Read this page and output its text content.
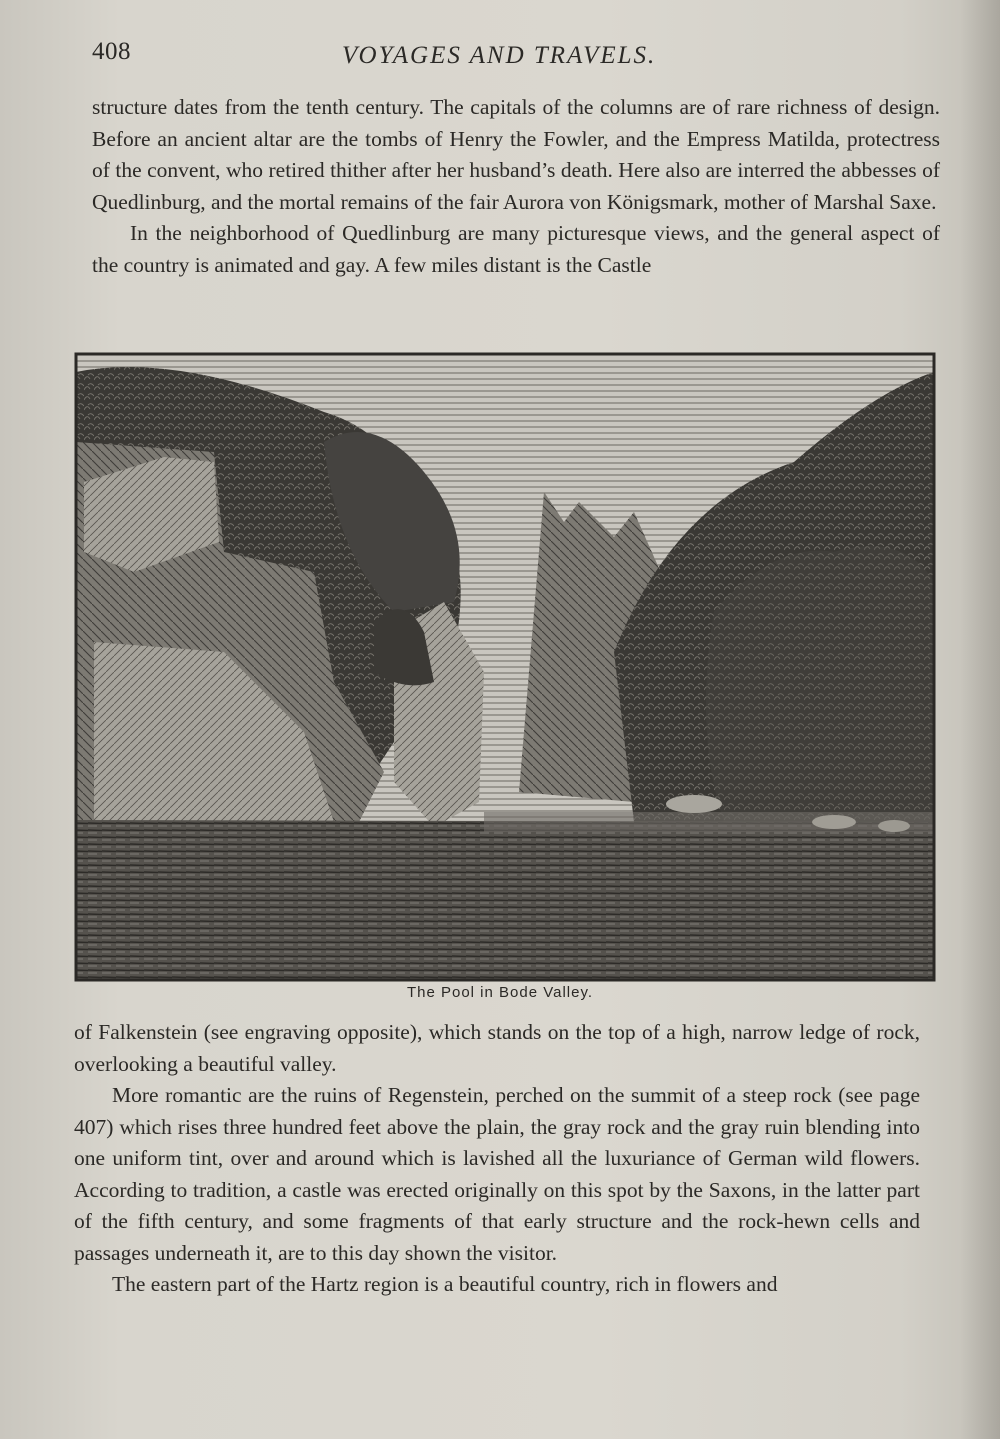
408	VOYAGES AND TRAVELS.

structure dates from the tenth century. The capitals of the columns are of rare richness of design. Before an ancient altar are the tombs of Henry the Fowler, and the Empress Matilda, protectress of the convent, who retired thither after her husband’s death. Here also are interred the abbesses of Quedlinburg, and the mortal remains of the fair Aurora von Königsmark, mother of Marshal Saxe.

In the neighborhood of Quedlinburg are many picturesque views, and the general aspect of the country is animated and gay. A few miles distant is the Castle

The Pool in Bode Valley.

of Falkenstein (see engraving opposite), which stands on the top of a high, narrow ledge of rock, overlooking a beautiful valley.

More romantic are the ruins of Regenstein, perched on the summit of a steep rock (see page 407) which rises three hundred feet above the plain, the gray rock and the gray ruin blending into one uniform tint, over and around which is lavished all the luxuriance of German wild flowers. According to tradition, a castle was erected originally on this spot by the Saxons, in the latter part of the fifth century, and some fragments of that early structure and the rock-hewn cells and passages underneath it, are to this day shown the visitor.

The eastern part of the Hartz region is a beautiful country, rich in flowers and
